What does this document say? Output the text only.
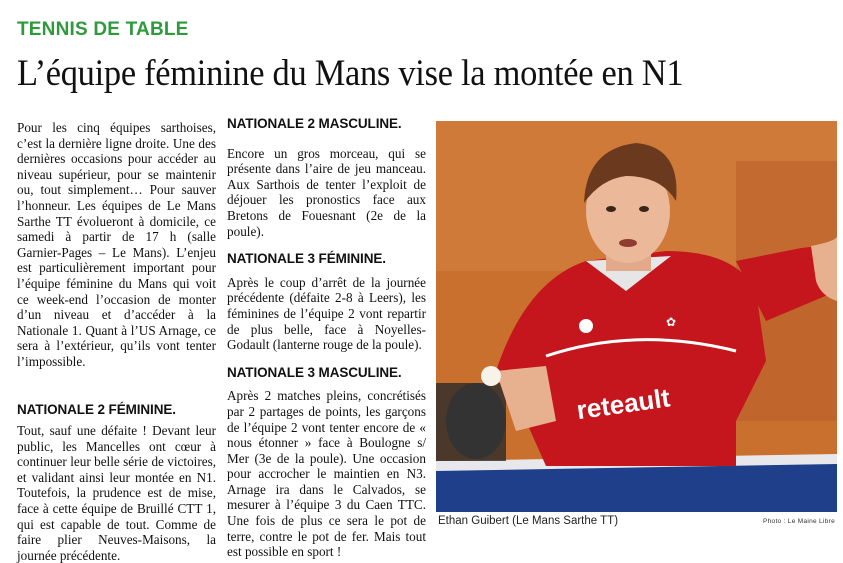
TENNIS DE TABLE
L’équipe féminine du Mans vise la montée en N1

Pour les cinq équipes sarthoises, c’est la dernière ligne droite. Une des dernières occasions pour accéder au niveau supérieur, pour se maintenir ou, tout simplement… Pour sauver l’honneur. Les équipes de Le Mans Sarthe TT évolueront à domicile, ce samedi à partir de 17 h (salle Garnier-Pages – Le Mans). L’enjeu est particulièrement important pour l’équipe féminine du Mans qui voit ce week-end l’occasion de monter d’un niveau et d’accéder à la Nationale 1. Quant à l’US Arnage, ce sera à l’extérieur, qu’ils vont tenter l’impossible.

NATIONALE 2 FÉMININE.

Tout, sauf une défaite ! Devant leur public, les Mancelles ont cœur à continuer leur belle série de victoires, et validant ainsi leur montée en N1. Toutefois, la prudence est de mise, face à cette équipe de Bruillé CTT 1, qui est capable de tout. Comme de faire plier Neuves-Maisons, la journée précédente.

NATIONALE 2 MASCULINE.

Encore un gros morceau, qui se présente dans l’aire de jeu manceau. Aux Sarthois de tenter l’exploit de déjouer les pronostics face aux Bretons de Fouesnant (2e de la poule).

NATIONALE 3 FÉMININE.

Après le coup d’arrêt de la journée précédente (défaite 2-8 à Leers), les féminines de l’équipe 2 vont repartir de plus belle, face à Noyelles-Godault (lanterne rouge de la poule).

NATIONALE 3 MASCULINE.

Après 2 matches pleins, concrétisés par 2 partages de points, les garçons de l’équipe 2 vont tenter encore de « nous étonner » face à Boulogne s/ Mer (3e de la poule). Une occasion pour accrocher le maintien en N3. Arnage ira dans le Calvados, se mesurer à l’équipe 3 du Caen TTC. Une fois de plus ce sera le pot de terre, contre le pot de fer. Mais tout est possible en sport !

✿
reteault
Ethan Guibert (Le Mans Sarthe TT)	Photo : Le Maine Libre
